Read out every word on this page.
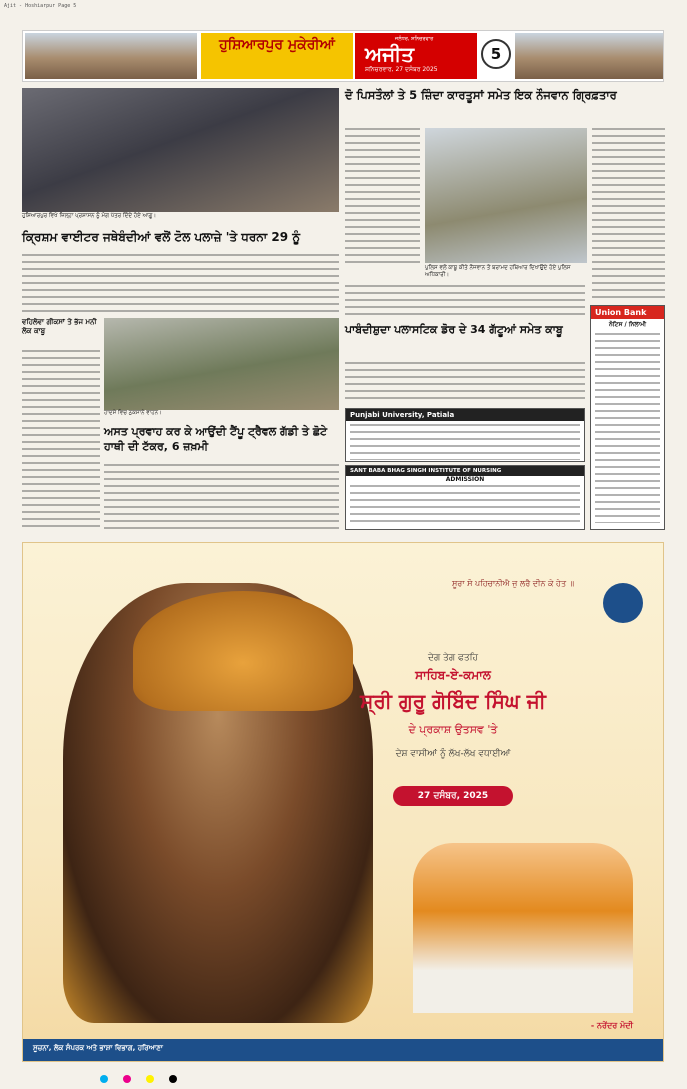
Ajit - Hoshiarpur Page 5
ਹੁਸ਼ਿਆਰਪੁਰ ਮੁਕੇਰੀਆਂ	ਜਲੰਧਰ, ਸ਼ਨਿਚਰਵਾਰ
ਅਜੀਤ
ਸ਼ਨਿਚਰਵਾਰ, 27 ਦਸੰਬਰ 2025
5
ਹੁਸ਼ਿਆਰਪੁਰ ਵਿਖੇ ਜ਼ਿਲ੍ਹਾ ਪ੍ਰਸ਼ਾਸਨ ਨੂੰ ਮੰਗ ਪੱਤਰ ਦਿੰਦੇ ਹੋਏ ਆਗੂ।
ਕ੍ਰਿਸ਼ਮ ਵਾਈਟਰ ਜਥੇਬੰਦੀਆਂ ਵਲੋਂ ਟੋਲ ਪਲਾਜ਼ੇ 'ਤੇ ਧਰਨਾ 29 ਨੂੰ
ਦੋ ਪਿਸਤੌਲਾਂ ਤੇ 5 ਜ਼ਿੰਦਾ ਕਾਰਤੂਸਾਂ ਸਮੇਤ ਇਕ ਨੌਜਵਾਨ ਗ੍ਰਿਫ਼ਤਾਰ
ਪੁਲਿਸ ਵਲੋਂ ਕਾਬੂ ਕੀਤੇ ਨੌਜਵਾਨ ਤੋਂ ਬਰਾਮਦ ਹਥਿਆਰ ਦਿਖਾਉਂਦੇ ਹੋਏ ਪੁਲਿਸ ਅਧਿਕਾਰੀ।
ਪਾਬੰਦੀਸ਼ੁਦਾ ਪਲਾਸਟਿਕ ਡੋਰ ਦੇ 34 ਗੱਟੂਆਂ ਸਮੇਤ ਕਾਬੂ
ਵਹਿਲੋਵਾ ਗੀਕਸਾਂ ਤੇ ਭੱਜ ਮਨੀ ਲੋਕ ਕਾਬੂ
ਹਾਦਸੇ ਵਿਚ ਨੁਕਸਾਨੇ ਵਾਹਨ।
ਅਸਤ ਪ੍ਰਵਾਹ ਕਰ ਕੇ ਆਉਂਦੀ ਟੈਂਪੂ ਟ੍ਰੈਵਲ ਗੱਡੀ ਤੇ ਛੋਟੇ ਹਾਥੀ ਦੀ ਟੱਕਰ, 6 ਜ਼ਖ਼ਮੀ
Union Bank
ਨੋਟਿਸ / ਨਿਲਾਮੀ
Punjabi University, Patiala
SANT BABA BHAG SINGH INSTITUTE OF NURSING
ADMISSION
ਸੂਰਾ ਸੋ ਪਹਿਚਾਨੀਐ ਜੁ ਲਰੈ ਦੀਨ ਕੇ ਹੇਤ ॥
ਦੇਗ ਤੇਗ ਫਤਹਿ
ਸਾਹਿਬ-ਏ-ਕਮਾਲ
ਸ੍ਰੀ ਗੁਰੂ ਗੋਬਿੰਦ ਸਿੰਘ ਜੀ
ਦੇ ਪ੍ਰਕਾਸ਼ ਉਤਸਵ 'ਤੇ
ਦੇਸ਼ ਵਾਸੀਆਂ ਨੂੰ ਲੱਖ-ਲੱਖ ਵਧਾਈਆਂ
27 ਦਸੰਬਰ, 2025
- ਨਰੇਂਦਰ ਮੋਦੀ
ਸੂਚਨਾ, ਲੋਕ ਸੰਪਰਕ ਅਤੇ ਭਾਸ਼ਾ ਵਿਭਾਗ, ਹਰਿਆਣਾ
